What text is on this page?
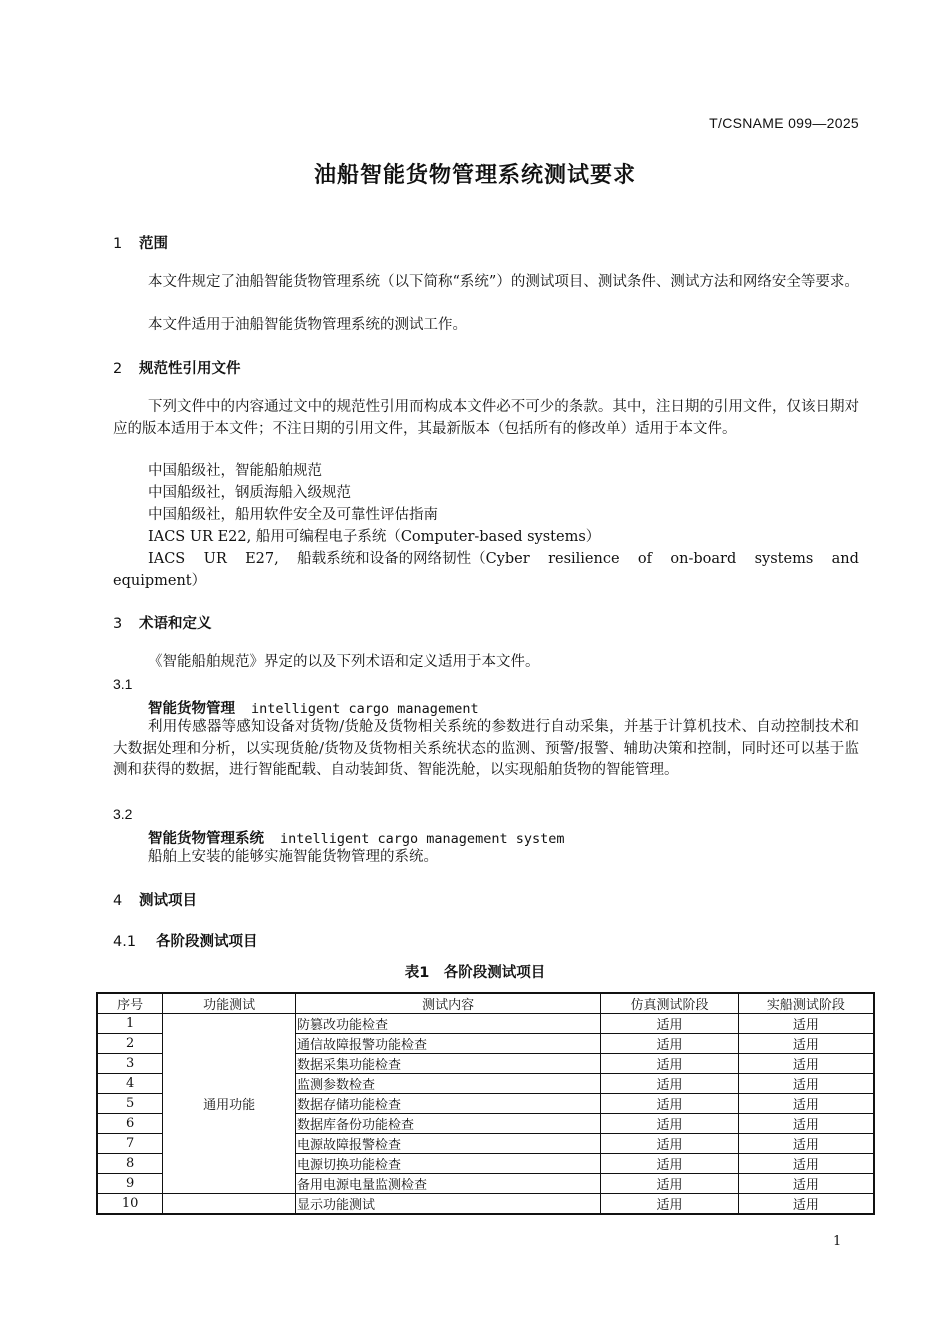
T/CSNAME 099—2025
油船智能货物管理系统测试要求
1 范围
本文件规定了油船智能货物管理系统（以下简称“系统”）的测试项目、测试条件、测试方法和网络安全等要求。
本文件适用于油船智能货物管理系统的测试工作。
2 规范性引用文件
下列文件中的内容通过文中的规范性引用而构成本文件必不可少的条款。其中，注日期的引用文件，仅该日期对应的版本适用于本文件；不注日期的引用文件，其最新版本（包括所有的修改单）适用于本文件。
中国船级社，智能船舶规范
中国船级社，钢质海船入级规范
中国船级社，船用软件安全及可靠性评估指南
IACS UR E22, 船用可编程电子系统（Computer-based systems）
IACS UR E27, 船载系统和设备的网络韧性（Cyber resilience of on-board systems and
equipment）
3 术语和定义
《智能船舶规范》界定的以及下列术语和定义适用于本文件。
3.1
智能货物管理 intelligent cargo management
利用传感器等感知设备对货物/货舱及货物相关系统的参数进行自动采集，并基于计算机技术、自动控制技术和大数据处理和分析，以实现货舱/货物及货物相关系统状态的监测、预警/报警、辅助决策和控制，同时还可以基于监测和获得的数据，进行智能配载、自动装卸货、智能洗舱，以实现船舶货物的智能管理。
3.2
智能货物管理系统 intelligent cargo management system
船舶上安装的能够实施智能货物管理的系统。
4 测试项目
4.1 各阶段测试项目
表1　各阶段测试项目
序号	功能测试	测试内容	仿真测试阶段	实船测试阶段
1	通用功能	防篡改功能检查	适用	适用
2		通信故障报警功能检查	适用	适用
3		数据采集功能检查	适用	适用
4		监测参数检查	适用	适用
5		数据存储功能检查	适用	适用
6		数据库备份功能检查	适用	适用
7		电源故障报警检查	适用	适用
8		电源切换功能检查	适用	适用
9		备用电源电量监测检查	适用	适用
10		显示功能测试	适用	适用
1
